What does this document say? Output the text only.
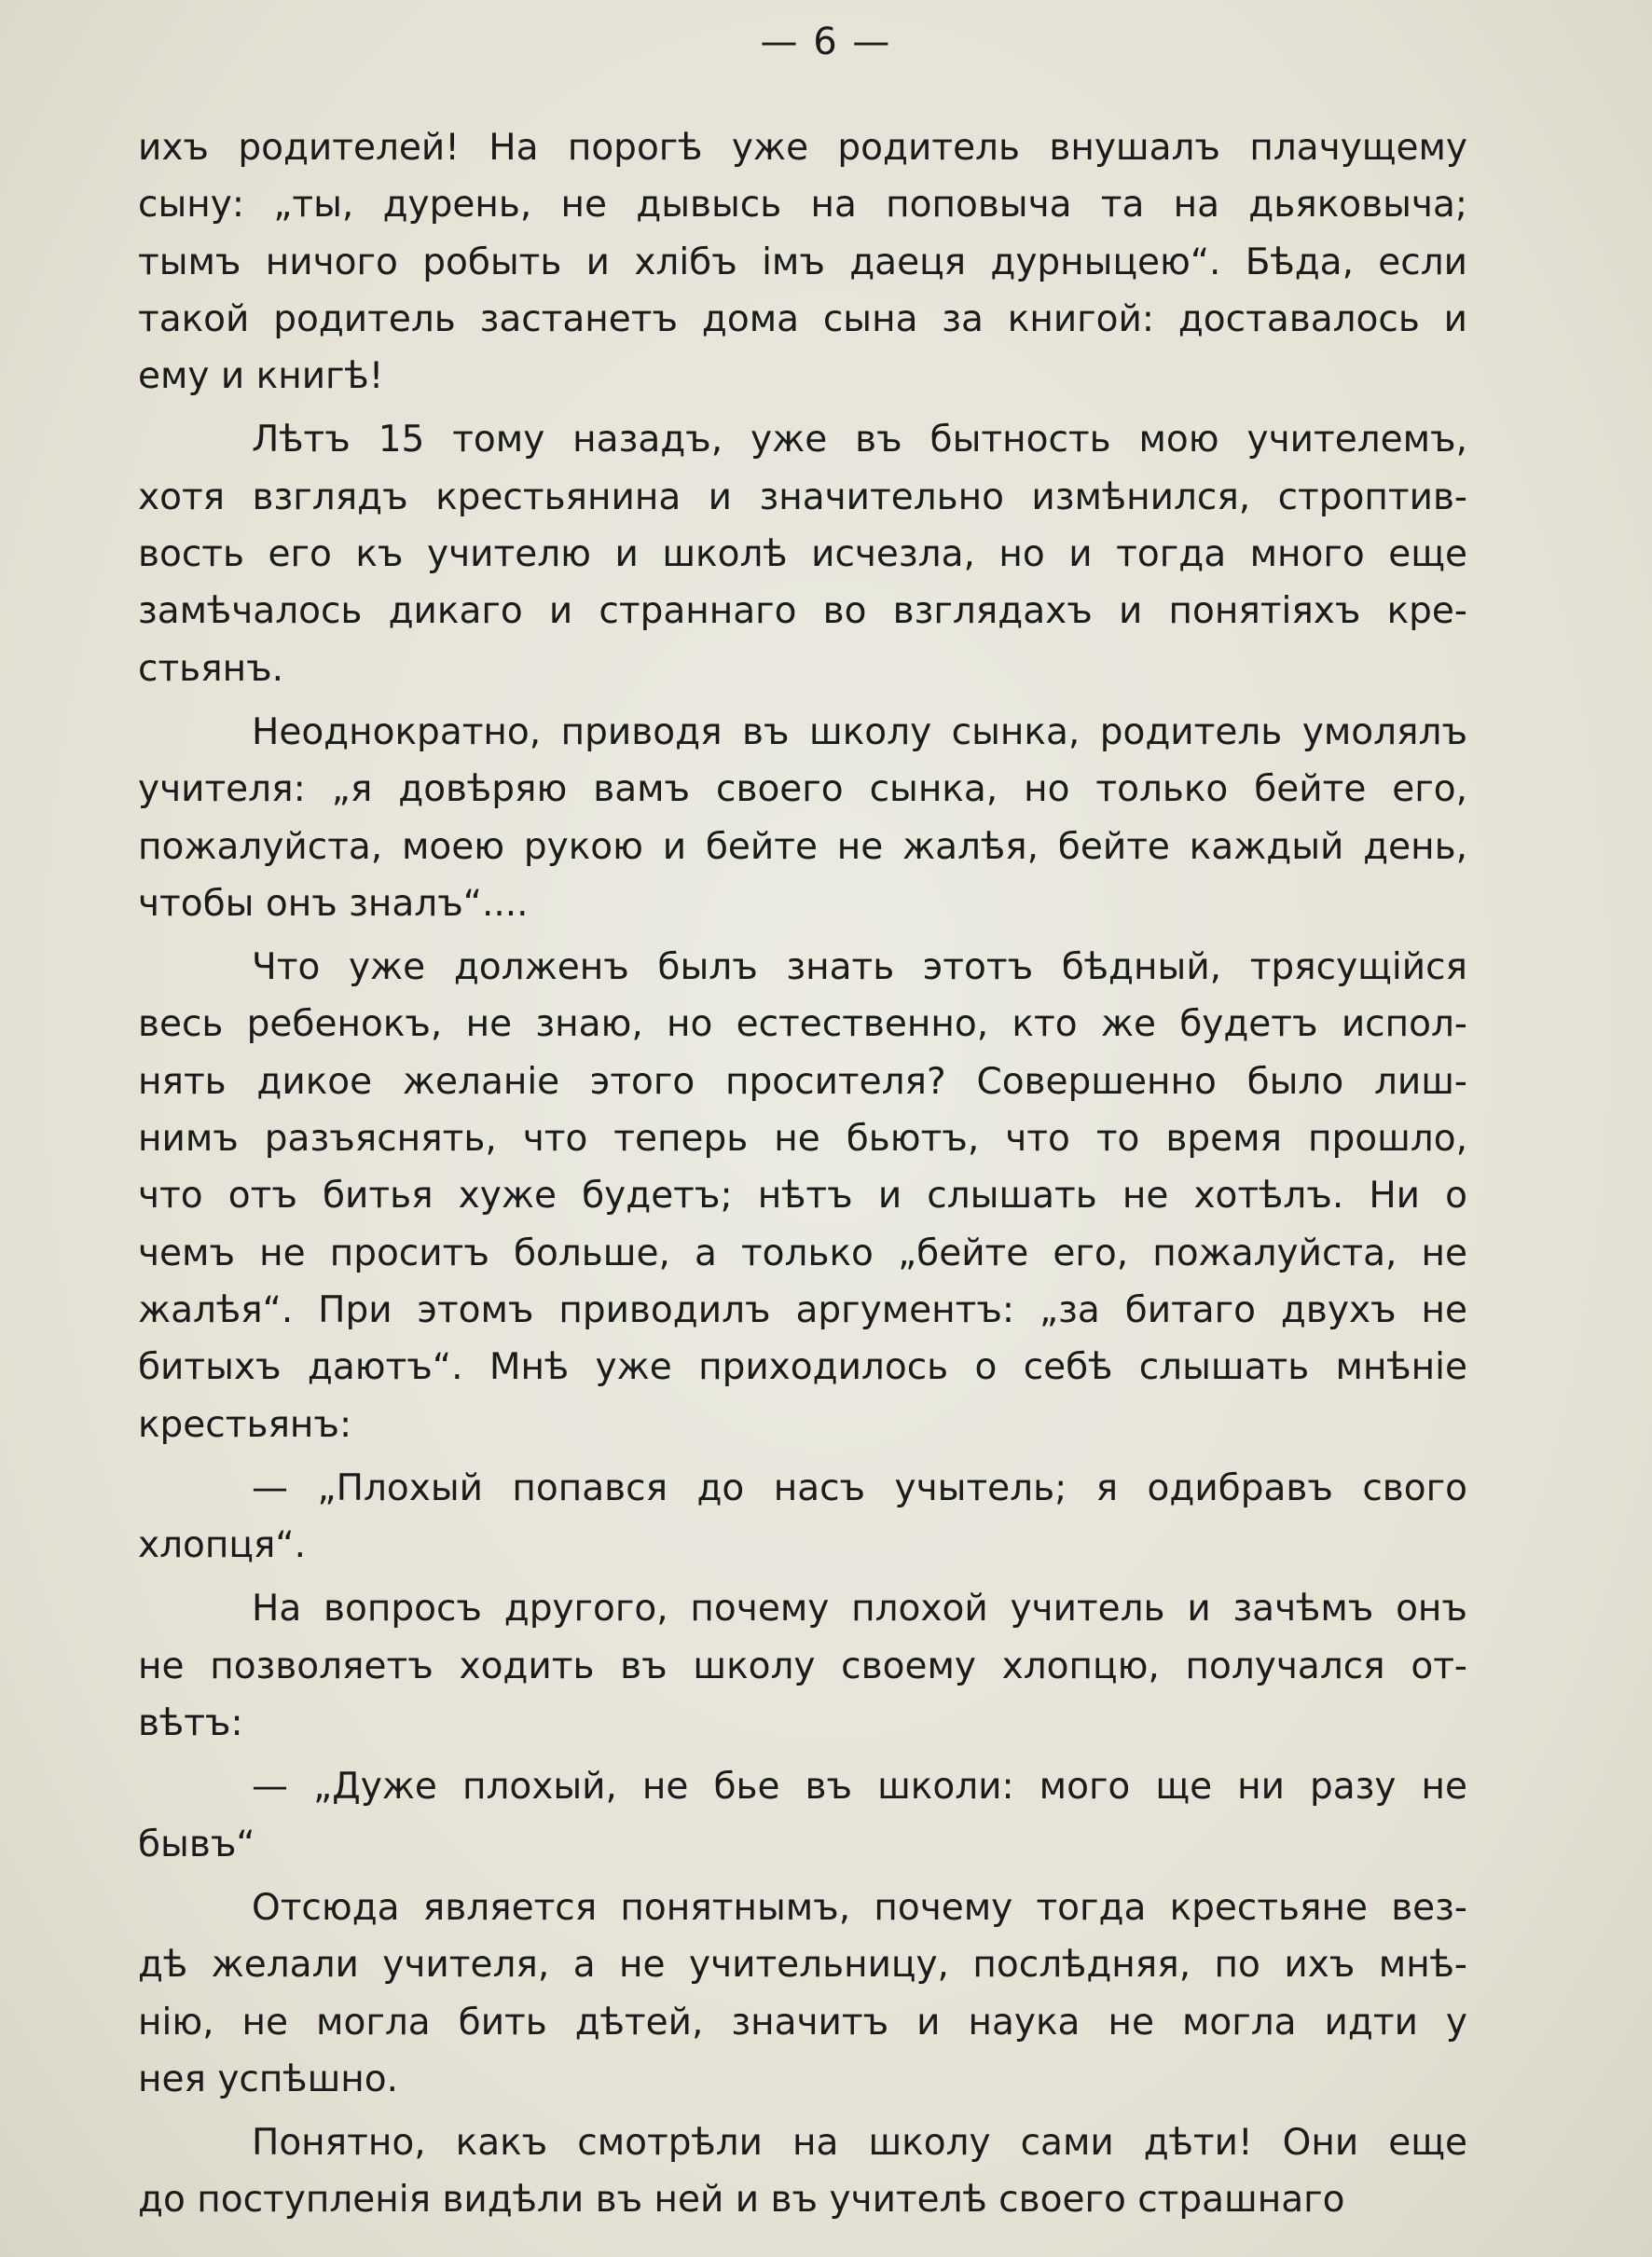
— 6 —
ихъ родителей! На порогѣ уже родитель внушалъ плачущему
сыну: „ты, дурень, не дывысь на поповыча та на дьяковыча;
тымъ ничого робыть и хлібъ імъ даеця дурныцею“. Бѣда, если
такой родитель застанетъ дома сына за книгой: доставалось и
ему и книгѣ!
Лѣтъ 15 тому назадъ, уже въ бытность мою учителемъ,
хотя взглядъ крестьянина и значительно измѣнился, строптив-
вость его къ учителю и школѣ исчезла, но и тогда много еще
замѣчалось дикаго и страннаго во взглядахъ и понятіяхъ кре-
стьянъ.
Неоднократно, приводя въ школу сынка, родитель умолялъ
учителя: „я довѣряю вамъ своего сынка, но только бейте его,
пожалуйста, моею рукою и бейте не жалѣя, бейте каждый день,
чтобы онъ зналъ“....
Что уже долженъ былъ знать этотъ бѣдный, трясущійся
весь ребенокъ, не знаю, но естественно, кто же будетъ испол-
нять дикое желаніе этого просителя? Совершенно было лиш-
нимъ разъяснять, что теперь не бьютъ, что то время прошло,
что отъ битья хуже будетъ; нѣтъ и слышать не хотѣлъ. Ни о
чемъ не проситъ больше, а только „бейте его, пожалуйста, не
жалѣя“. При этомъ приводилъ аргументъ: „за битаго двухъ не
битыхъ даютъ“. Мнѣ уже приходилось о себѣ слышать мнѣніе
крестьянъ:
— „Плохый попався до насъ учытель; я одибравъ свого
хлопця“.
На вопросъ другого, почему плохой учитель и зачѣмъ онъ
не позволяетъ ходить въ школу своему хлопцю, получался от-
вѣтъ:
— „Дуже плохый, не бье въ школи: мого ще ни разу не
бывъ“
Отсюда является понятнымъ, почему тогда крестьяне вез-
дѣ желали учителя, а не учительницу, послѣдняя, по ихъ мнѣ-
нію, не могла бить дѣтей, значитъ и наука не могла идти у
нея успѣшно.
Понятно, какъ смотрѣли на школу сами дѣти! Они еще
до поступленія видѣли въ ней и въ учителѣ своего страшнаго
